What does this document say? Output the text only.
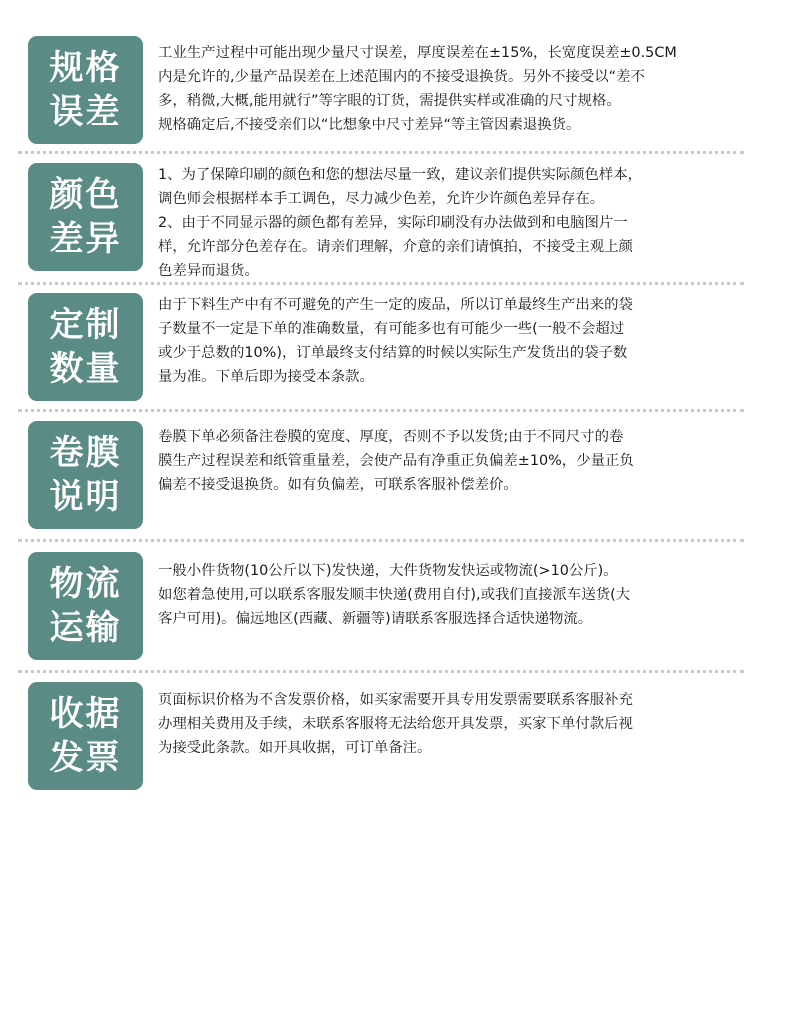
规格
误差

工业生产过程中可能出现少量尺寸误差，厚度误差在±15%，长宽度误差±0.5CM

内是允许的,少量产品误差在上述范围内的不接受退换货。另外不接受以“差不

多，稍微,大概,能用就行”等字眼的订货，需提供实样或准确的尺寸规格。

规格确定后,不接受亲们以“比想象中尺寸差异“等主管因素退换货。

颜色
差异

1、为了保障印刷的颜色和您的想法尽量一致，建议亲们提供实际颜色样本，

调色师会根据样本手工调色，尽力减少色差，允许少许颜色差异存在。

2、由于不同显示器的颜色都有差异，实际印刷没有办法做到和电脑图片一

样，允许部分色差存在。请亲们理解，介意的亲们请慎拍，不接受主观上颜

色差异而退货。

定制
数量

由于下料生产中有不可避免的产生一定的废品，所以订单最终生产出来的袋

子数量不一定是下单的准确数量，有可能多也有可能少一些(一般不会超过

或少于总数的10%)，订单最终支付结算的时候以实际生产发货出的袋子数

量为准。下单后即为接受本条款。

卷膜
说明

卷膜下单必须备注卷膜的宽度、厚度，否则不予以发货;由于不同尺寸的卷

膜生产过程误差和纸管重量差，会使产品有净重正负偏差±10%，少量正负

偏差不接受退换货。如有负偏差，可联系客服补偿差价。

物流
运输

一般小件货物(10公斤以下)发快递，大件货物发快运或物流(>10公斤)。

如您着急使用,可以联系客服发顺丰快递(费用自付),或我们直接派车送货(大

客户可用)。偏远地区(西藏、新疆等)请联系客服选择合适快递物流。

收据
发票

页面标识价格为不含发票价格，如买家需要开具专用发票需要联系客服补充

办理相关费用及手续，未联系客服将无法给您开具发票，买家下单付款后视

为接受此条款。如开具收据，可订单备注。
